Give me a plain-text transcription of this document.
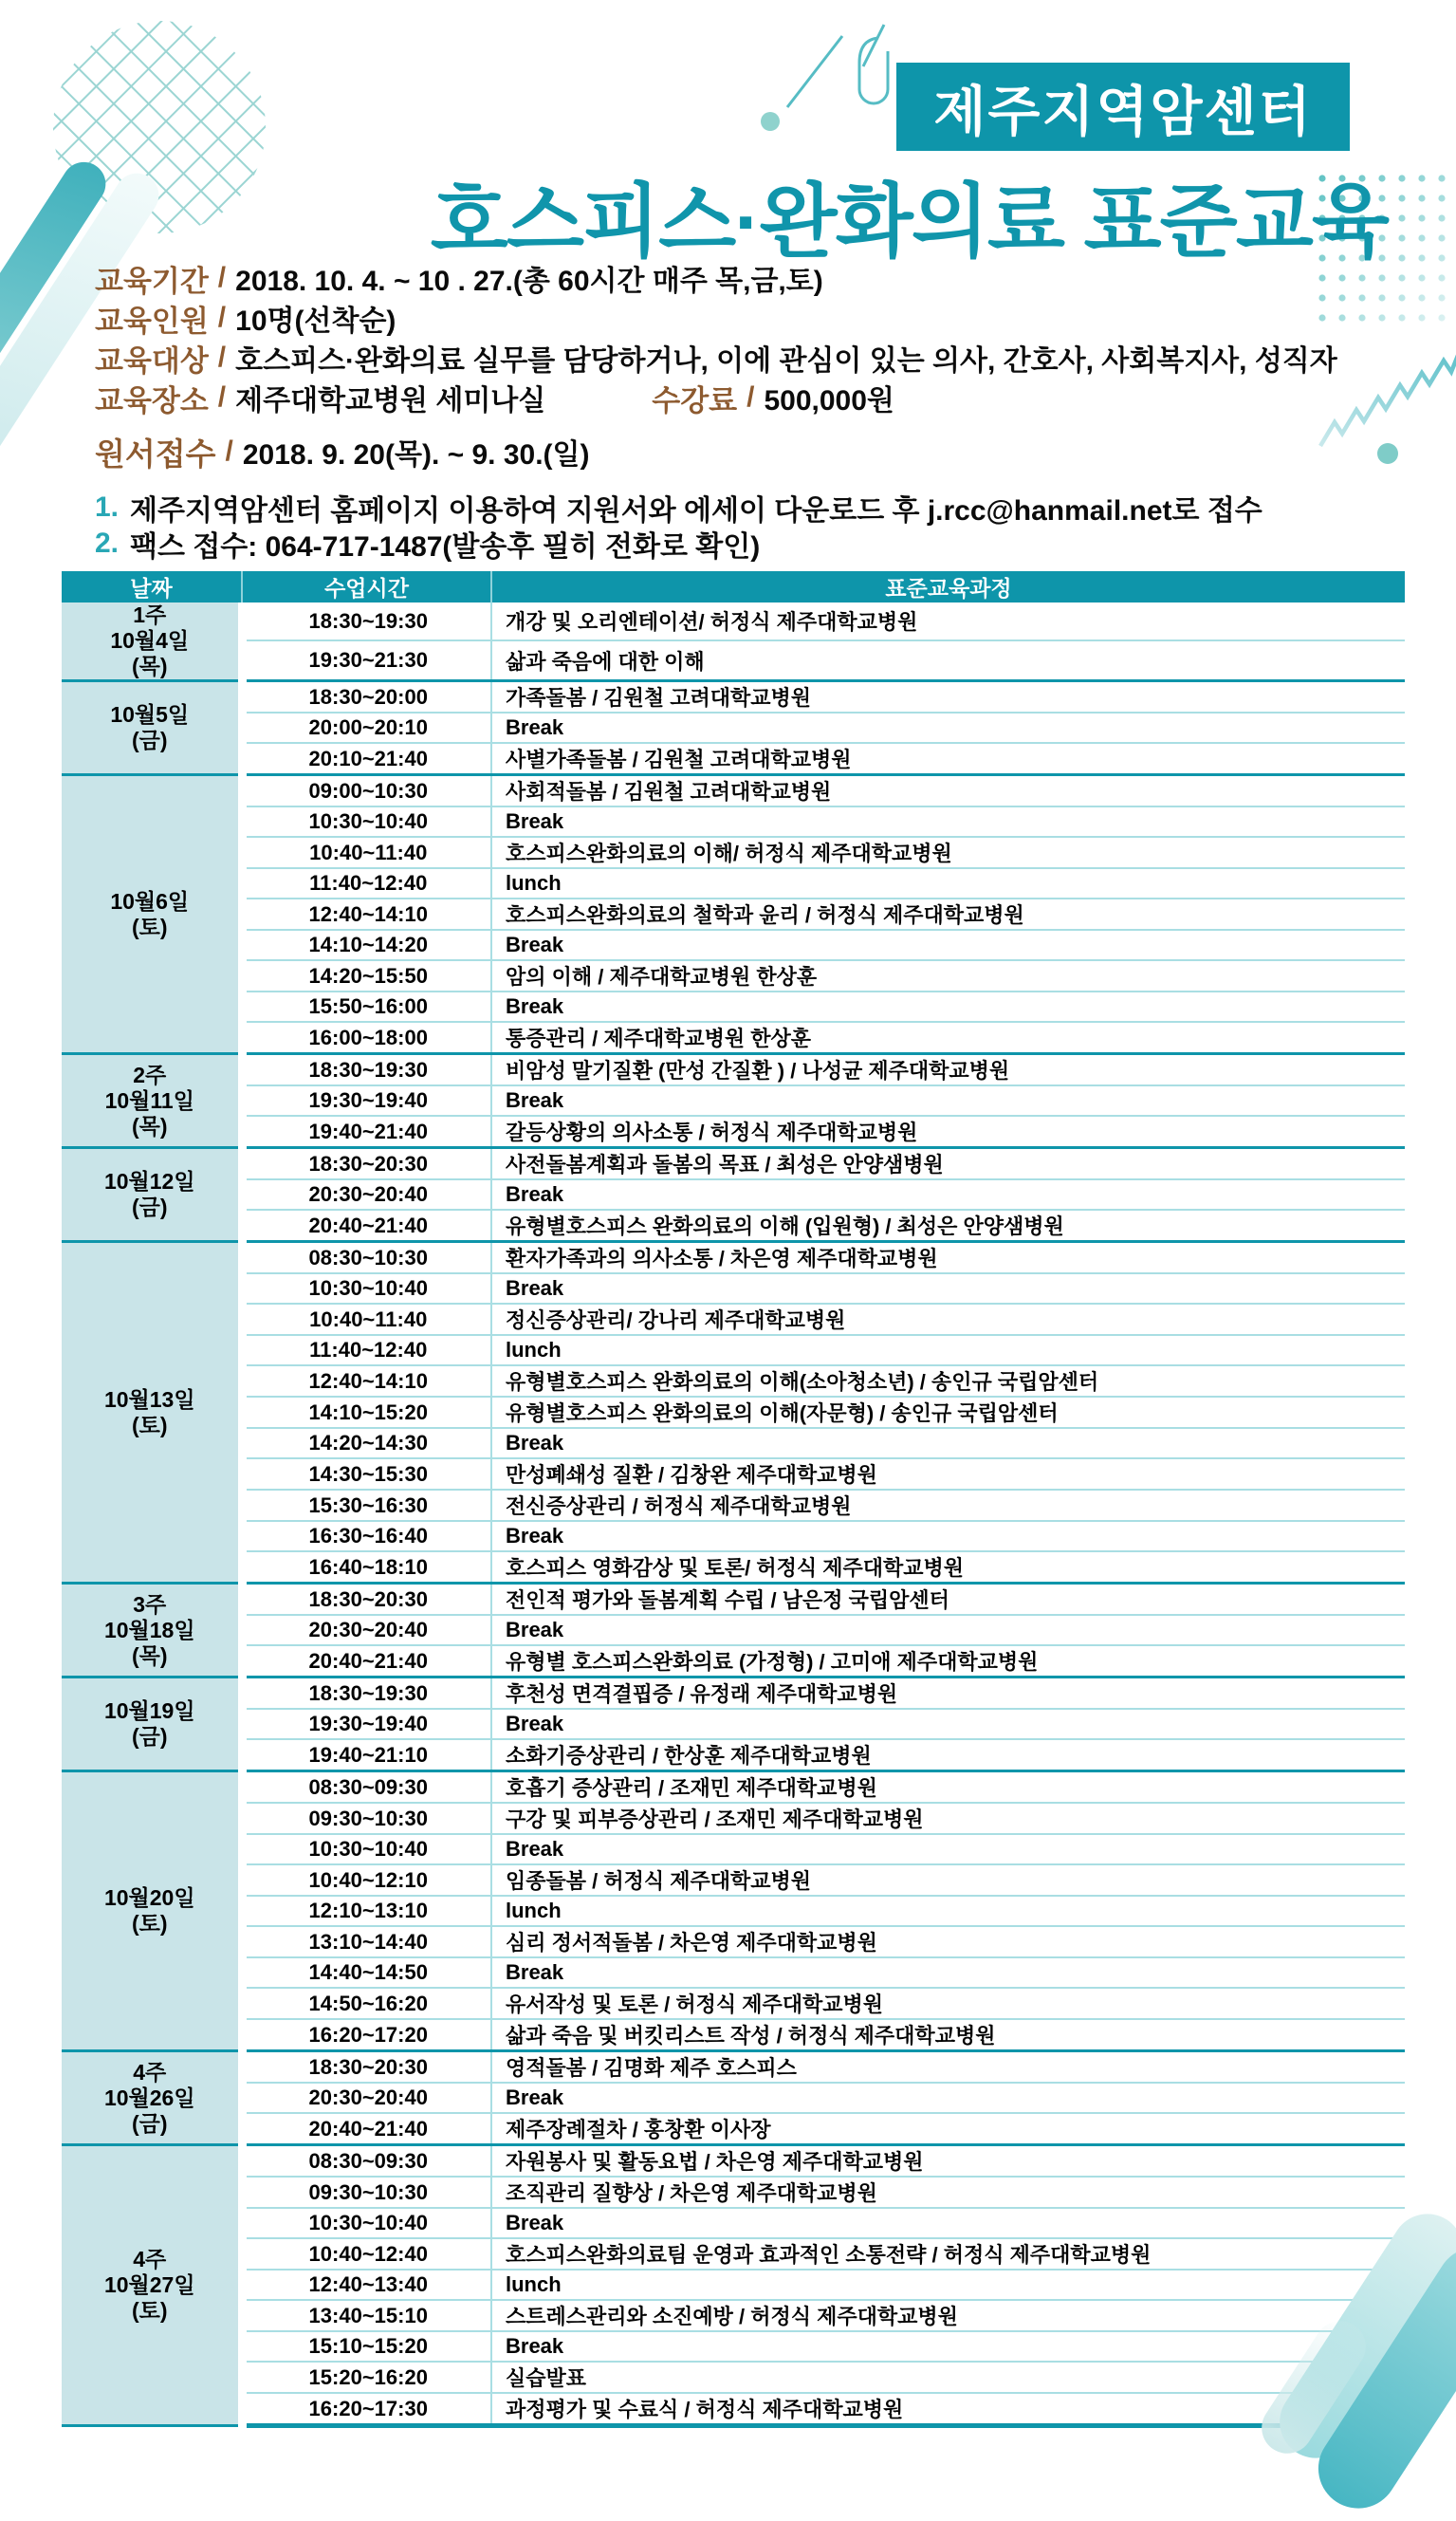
제주지역암센터
호스피스·완화의료 표준교육
교육기간 / 2018. 10. 4. ~ 10 . 27.(총 60시간 매주 목,금,토)
교육인원 / 10명(선착순)
교육대상 / 호스피스·완화의료 실무를 담당하거나, 이에 관심이 있는 의사, 간호사, 사회복지사, 성직자
교육장소 / 제주대학교병원 세미나실	수강료 / 500,000원
원서접수 / 2018. 9. 20(목). ~ 9. 30.(일)
1. 제주지역암센터 홈페이지 이용하여 지원서와 에세이 다운로드 후 j.rcc@hanmail.net로 접수
2. 팩스 접수: 064-717-1487(발송후 필히 전화로 확인)
날짜	수업시간	표준교육과정

1주
10월4일
(목)	18:30~19:30	개강 및 오리엔테이션/ 허정식 제주대학교병원
	19:30~21:30	삶과 죽음에 대한 이해

10월5일
(금)	18:30~20:00	가족돌봄 / 김원철 고려대학교병원
	20:00~20:10	Break
	20:10~21:40	사별가족돌봄 / 김원철 고려대학교병원

10월6일
(토)	09:00~10:30	사회적돌봄 / 김원철 고려대학교병원
	10:30~10:40	Break
	10:40~11:40	호스피스완화의료의 이해/ 허정식 제주대학교병원
	11:40~12:40	lunch
	12:40~14:10	호스피스완화의료의 철학과 윤리 / 허정식 제주대학교병원
	14:10~14:20	Break
	14:20~15:50	암의 이해 / 제주대학교병원 한상훈
	15:50~16:00	Break
	16:00~18:00	통증관리 / 제주대학교병원 한상훈

2주
10월11일
(목)	18:30~19:30	비암성 말기질환 (만성 간질환 ) / 나성균 제주대학교병원
	19:30~19:40	Break
	19:40~21:40	갈등상황의 의사소통 / 허정식 제주대학교병원

10월12일
(금)	18:30~20:30	사전돌봄계획과 돌봄의 목표 / 최성은 안양샘병원
	20:30~20:40	Break
	20:40~21:40	유형별호스피스 완화의료의 이해 (입원형) / 최성은 안양샘병원

10월13일
(토)	08:30~10:30	환자가족과의 의사소통 / 차은영 제주대학교병원
	10:30~10:40	Break
	10:40~11:40	정신증상관리/ 강나리 제주대학교병원
	11:40~12:40	lunch
	12:40~14:10	유형별호스피스 완화의료의 이해(소아청소년) / 송인규 국립암센터
	14:10~15:20	유형별호스피스 완화의료의 이해(자문형) / 송인규 국립암센터
	14:20~14:30	Break
	14:30~15:30	만성폐쇄성 질환 / 김창완 제주대학교병원
	15:30~16:30	전신증상관리 / 허정식 제주대학교병원
	16:30~16:40	Break
	16:40~18:10	호스피스 영화감상 및 토론/ 허정식 제주대학교병원

3주
10월18일
(목)	18:30~20:30	전인적 평가와 돌봄계획 수립 / 남은정 국립암센터
	20:30~20:40	Break
	20:40~21:40	유형별 호스피스완화의료 (가정형) / 고미애 제주대학교병원

10월19일
(금)	18:30~19:30	후천성 면격결핍증 / 유정래 제주대학교병원
	19:30~19:40	Break
	19:40~21:10	소화기증상관리 / 한상훈 제주대학교병원

10월20일
(토)	08:30~09:30	호흡기 증상관리 / 조재민 제주대학교병원
	09:30~10:30	구강 및 피부증상관리 / 조재민 제주대학교병원
	10:30~10:40	Break
	10:40~12:10	임종돌봄 / 허정식 제주대학교병원
	12:10~13:10	lunch
	13:10~14:40	심리 정서적돌봄 / 차은영 제주대학교병원
	14:40~14:50	Break
	14:50~16:20	유서작성 및 토론 / 허정식 제주대학교병원
	16:20~17:20	삶과 죽음 및 버킷리스트 작성 / 허정식 제주대학교병원

4주
10월26일
(금)	18:30~20:30	영적돌봄 / 김명화 제주 호스피스
	20:30~20:40	Break
	20:40~21:40	제주장례절차 / 홍창환 이사장

4주
10월27일
(토)	08:30~09:30	자원봉사 및 활동요법 / 차은영 제주대학교병원
	09:30~10:30	조직관리 질향상 / 차은영 제주대학교병원
	10:30~10:40	Break
	10:40~12:40	호스피스완화의료팀 운영과 효과적인 소통전략 / 허정식 제주대학교병원
	12:40~13:40	lunch
	13:40~15:10	스트레스관리와 소진예방 / 허정식 제주대학교병원
	15:10~15:20	Break
	15:20~16:20	실습발표
	16:20~17:30	과정평가 및 수료식 / 허정식 제주대학교병원
